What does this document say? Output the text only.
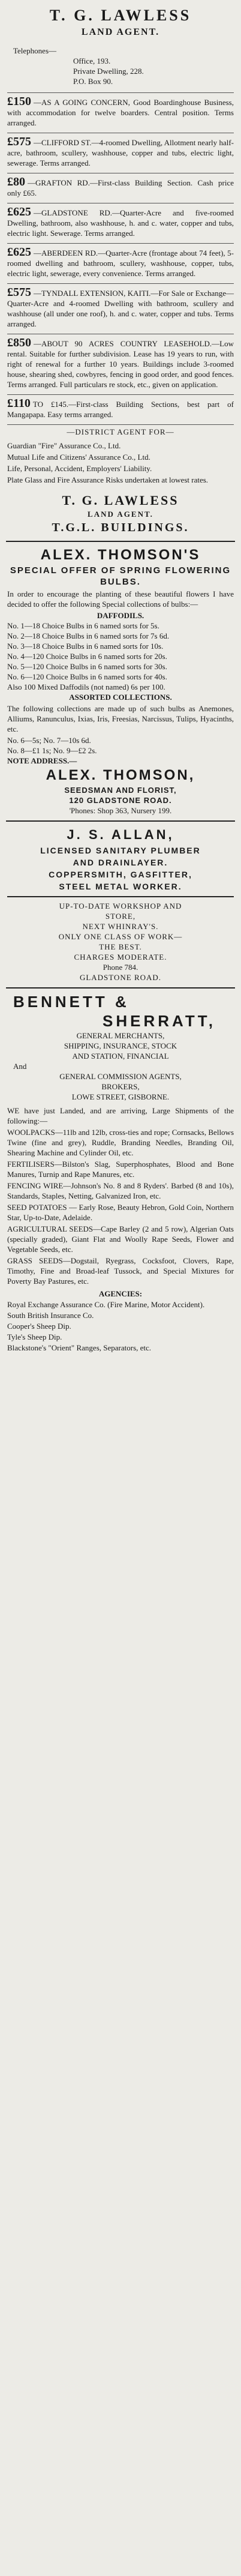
T. G. LAWLESS
LAND AGENT.
Telephones—
Office, 193.
Private Dwelling, 228.
P.O. Box 90.
£150 —AS A GOING CONCERN, Good Boardinghouse Business, with accommodation for twelve boarders. Central position. Terms arranged.
£575 —CLIFFORD ST.—4-roomed Dwelling, Allotment nearly half-acre, bathroom, scullery, washhouse, copper and tubs, electric light, sewerage. Terms arranged.
£80 —GRAFTON RD.—First-class Building Section. Cash price only £65.
£625 —GLADSTONE RD.—Quarter-Acre and five-roomed Dwelling, bathroom, also washhouse, h. and c. water, copper and tubs, electric light. Sewerage. Terms arranged.
£625 —ABERDEEN RD.—Quarter-Acre (frontage about 74 feet), 5-roomed dwelling and bathroom, scullery, washhouse, copper, tubs, electric light, sewerage, every convenience. Terms arranged.
£575 —TYNDALL EXTENSION, KAITI.—For Sale or Exchange—Quarter-Acre and 4-roomed Dwelling with bathroom, scullery and washhouse (all under one roof), h. and c. water, copper and tubs. Terms arranged.
£850 —ABOUT 90 ACRES COUNTRY LEASEHOLD.—Low rental. Suitable for further subdivision. Lease has 19 years to run, with right of renewal for a further 10 years. Buildings include 3-roomed house, shearing shed, cowbyres, fencing in good order, and good fences. Terms arranged. Full particulars re stock, etc., given on application.
£110 TO £145.—First-class Building Sections, best part of Mangapapa. Easy terms arranged.
—DISTRICT AGENT FOR—
Guardian "Fire" Assurance Co., Ltd.
Mutual Life and Citizens' Assurance Co., Ltd.
Life, Personal, Accident, Employers' Liability.
Plate Glass and Fire Assurance Risks undertaken at lowest rates.
T. G. LAWLESS
LAND AGENT.
T.G.L. BUILDINGS.
ALEX. THOMSON'S
SPECIAL OFFER OF SPRING FLOWERING BULBS.
In order to encourage the planting of these beautiful flowers I have decided to offer the following Special collections of bulbs:—
DAFFODILS.
No. 1—18 Choice Bulbs in 6 named sorts for 5s.
No. 2—18 Choice Bulbs in 6 named sorts for 7s 6d.
No. 3—18 Choice Bulbs in 6 named sorts for 10s.
No. 4—120 Choice Bulbs in 6 named sorts for 20s.
No. 5—120 Choice Bulbs in 6 named sorts for 30s.
No. 6—120 Choice Bulbs in 6 named sorts for 40s.
Also 100 Mixed Daffodils (not named) 6s per 100.
ASSORTED COLLECTIONS.
The following collections are made up of such bulbs as Anemones, Alliums, Ranunculus, Ixias, Iris, Freesias, Narcissus, Tulips, Hyacinths, etc.
No. 6—5s; No. 7—10s 6d.
No. 8—£1 1s; No. 9—£2 2s.
NOTE ADDRESS.—
ALEX. THOMSON,
SEEDSMAN AND FLORIST,
120 GLADSTONE ROAD.
'Phones: Shop 363, Nursery 199.
J. S. ALLAN,
LICENSED SANITARY PLUMBER
AND DRAINLAYER.
COPPERSMITH, GASFITTER,
STEEL METAL WORKER.
UP-TO-DATE WORKSHOP AND
STORE,
NEXT WHINRAY'S.
ONLY ONE CLASS OF WORK—
THE BEST.
CHARGES MODERATE.
Phone 784.
GLADSTONE ROAD.
BENNETT &
SHERRATT,
GENERAL MERCHANTS,
SHIPPING, INSURANCE, STOCK
AND STATION, FINANCIAL
And
GENERAL COMMISSION AGENTS,
BROKERS,
LOWE STREET, GISBORNE.
WE have just Landed, and are arriving, Large Shipments of the following:—
WOOLPACKS—11lb and 12lb, cross-ties and rope; Cornsacks, Bellows Twine (fine and grey), Ruddle, Branding Needles, Branding Oil, Shearing Machine and Cylinder Oil, etc.
FERTILISERS—Bilston's Slag, Superphosphates, Blood and Bone Manures, Turnip and Rape Manures, etc.
FENCING WIRE—Johnson's No. 8 and 8 Ryders'. Barbed (8 and 10s), Standards, Staples, Netting, Galvanized Iron, etc.
SEED POTATOES — Early Rose, Beauty Hebron, Gold Coin, Northern Star, Up-to-Date, Adelaide.
AGRICULTURAL SEEDS—Cape Barley (2 and 5 row), Algerian Oats (specially graded), Giant Flat and Woolly Rape Seeds, Flower and Vegetable Seeds, etc.
GRASS SEEDS—Dogstail, Ryegrass, Cocksfoot, Clovers, Rape, Timothy, Fine and Broad-leaf Tussock, and Special Mixtures for Poverty Bay Pastures, etc.
AGENCIES:
Royal Exchange Assurance Co. (Fire Marine, Motor Accident).
South British Insurance Co.
Cooper's Sheep Dip.
Tyle's Sheep Dip.
Blackstone's "Orient" Ranges, Separators, etc.
